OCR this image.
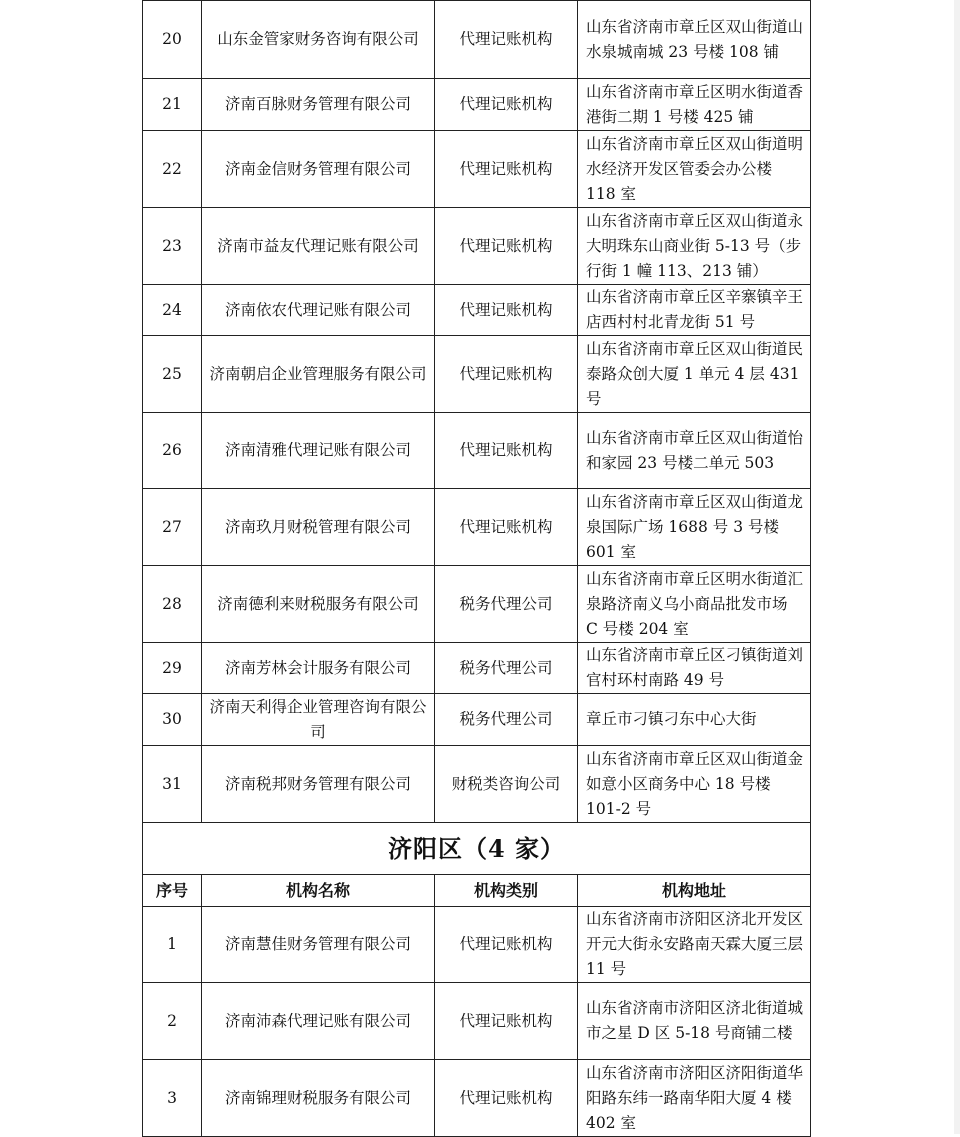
20	山东金管家财务咨询有限公司	代理记账机构	山东省济南市章丘区双山街道山水泉城南城 23 号楼 108 铺
21	济南百脉财务管理有限公司	代理记账机构	山东省济南市章丘区明水街道香港街二期 1 号楼 425 铺
22	济南金信财务管理有限公司	代理记账机构	山东省济南市章丘区双山街道明水经济开发区管委会办公楼 118 室
23	济南市益友代理记账有限公司	代理记账机构	山东省济南市章丘区双山街道永大明珠东山商业街 5-13 号（步行街 1 幢 113、213 铺）
24	济南依农代理记账有限公司	代理记账机构	山东省济南市章丘区辛寨镇辛王店西村村北青龙街 51 号
25	济南朝启企业管理服务有限公司	代理记账机构	山东省济南市章丘区双山街道民泰路众创大厦 1 单元 4 层 431 号
26	济南清雅代理记账有限公司	代理记账机构	山东省济南市章丘区双山街道怡和家园 23 号楼二单元 503
27	济南玖月财税管理有限公司	代理记账机构	山东省济南市章丘区双山街道龙泉国际广场 1688 号 3 号楼 601 室
28	济南德利来财税服务有限公司	税务代理公司	山东省济南市章丘区明水街道汇泉路济南义乌小商品批发市场 C 号楼 204 室
29	济南芳林会计服务有限公司	税务代理公司	山东省济南市章丘区刁镇街道刘官村环村南路 49 号
30	济南天利得企业管理咨询有限公司	税务代理公司	章丘市刁镇刁东中心大街
31	济南税邦财务管理有限公司	财税类咨询公司	山东省济南市章丘区双山街道金如意小区商务中心 18 号楼 101-2 号
济阳区（4 家）			
序号	机构名称	机构类别	机构地址
1	济南慧佳财务管理有限公司	代理记账机构	山东省济南市济阳区济北开发区开元大街永安路南天霖大厦三层 11 号
2	济南沛森代理记账有限公司	代理记账机构	山东省济南市济阳区济北街道城市之星 D 区 5-18 号商铺二楼
3	济南锦理财税服务有限公司	代理记账机构	山东省济南市济阳区济阳街道华阳路东纬一路南华阳大厦 4 楼 402 室
